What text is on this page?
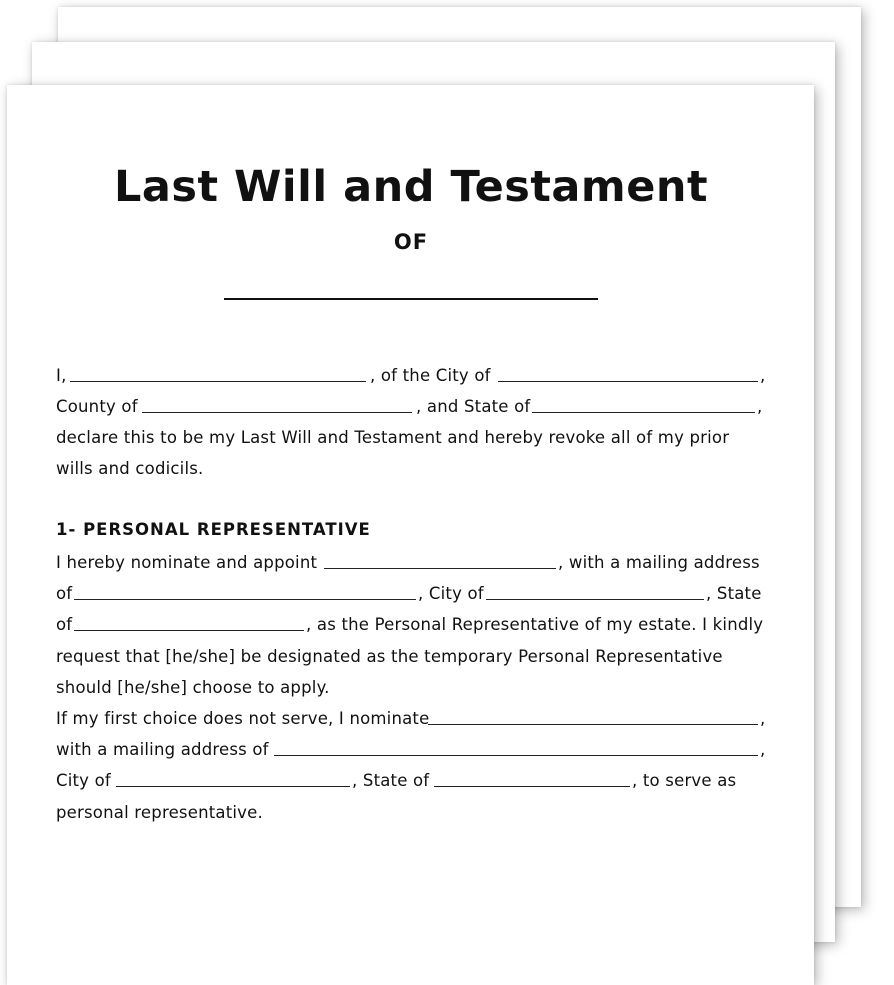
Last Will and Testament
OF
I,	, of the City of	,
County of	, and State of	,
declare this to be my Last Will and Testament and hereby revoke all of my prior
wills and codicils.
1- PERSONAL REPRESENTATIVE
I hereby nominate and appoint	, with a mailing address
of	, City of	, State
of	, as the Personal Representative of my estate. I kindly
request that [he/she] be designated as the temporary Personal Representative
should [he/she] choose to apply.
If my first choice does not serve, I nominate	,
with a mailing address of	,
City of	, State of	, to serve as
personal representative.
